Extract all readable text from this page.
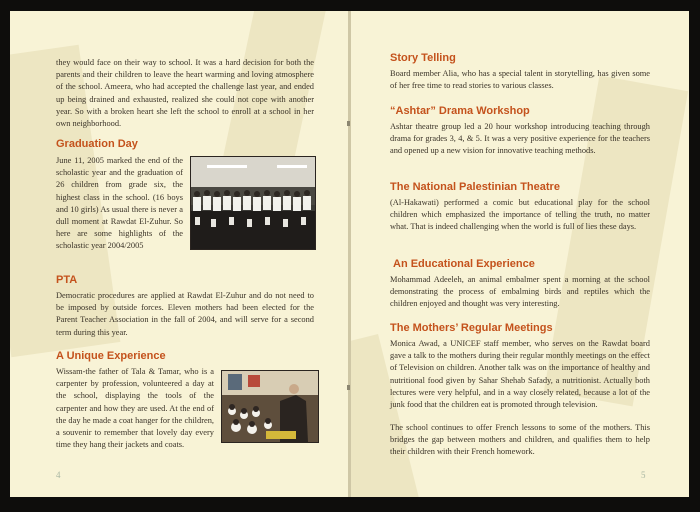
they would face on their way to school. It was a hard decision for both the parents and their children to leave the heart warming and loving atmosphere of the school. Ameera, who had accepted the challenge last year, and ended up being drained and exhausted, realized she could not cope with another year. So with a broken heart she left the school to enroll at a school in her own neighborhood.

Graduation Day

June 11, 2005 marked the end of the scholastic year and the graduation of 26 children from grade six, the highest class in the school. (16 boys and 10 girls) As usual there is never a dull moment at Rawdat El-Zuhur. So here are some highlights of the scholastic year 2004/2005

PTA

Democratic procedures are applied at Rawdat El-Zuhur and do not need to be imposed by outside forces. Eleven mothers had been elected for the Parent Teacher Association in the fall of 2004, and will serve for a second term during this year.

A Unique Experience

Wissam-the father of Tala & Tamar, who is a carpenter by profession, volunteered a day at the school, displaying the tools of the carpenter and how they are used. At the end of the day he made a coat hanger for the children, a souvenir to remember that lovely day every time they hang their jackets and coats.

4
Story Telling

Board member Alia, who has a special talent in storytelling, has given some of her free time to read stories to various classes.

“Ashtar” Drama Workshop

Ashtar theatre group led a 20 hour workshop introducing teaching through drama for grades 3, 4, & 5. It was a very positive experience for the teachers and opened up a new vision for innovative teaching methods.

The National Palestinian Theatre

(Al-Hakawati) performed a comic but educational play for the school children which emphasized the importance of telling the truth, no matter what. That is indeed challenging when the world is full of lies these days.

An Educational Experience

Mohammad Adeeleh, an animal embalmer spent a morning at the school demonstrating the process of embalming birds and reptiles which the children enjoyed and thought was very interesting.

The Mothers’ Regular Meetings

Monica Awad, a UNICEF staff member, who serves on the Rawdat board gave a talk to the mothers during their regular monthly meetings on the effect of Television on children. Another talk was on the importance of healthy and nutritional food given by Sahar Shehab Safady, a nutritionist. Actually both lectures were very helpful, and in a way closely related, because a lot of the junk food that the children eat is promoted through television.

The school continues to offer French lessons to some of the mothers. This bridges the gap between mothers and children, and qualifies them to help their children with their French homework.

5
